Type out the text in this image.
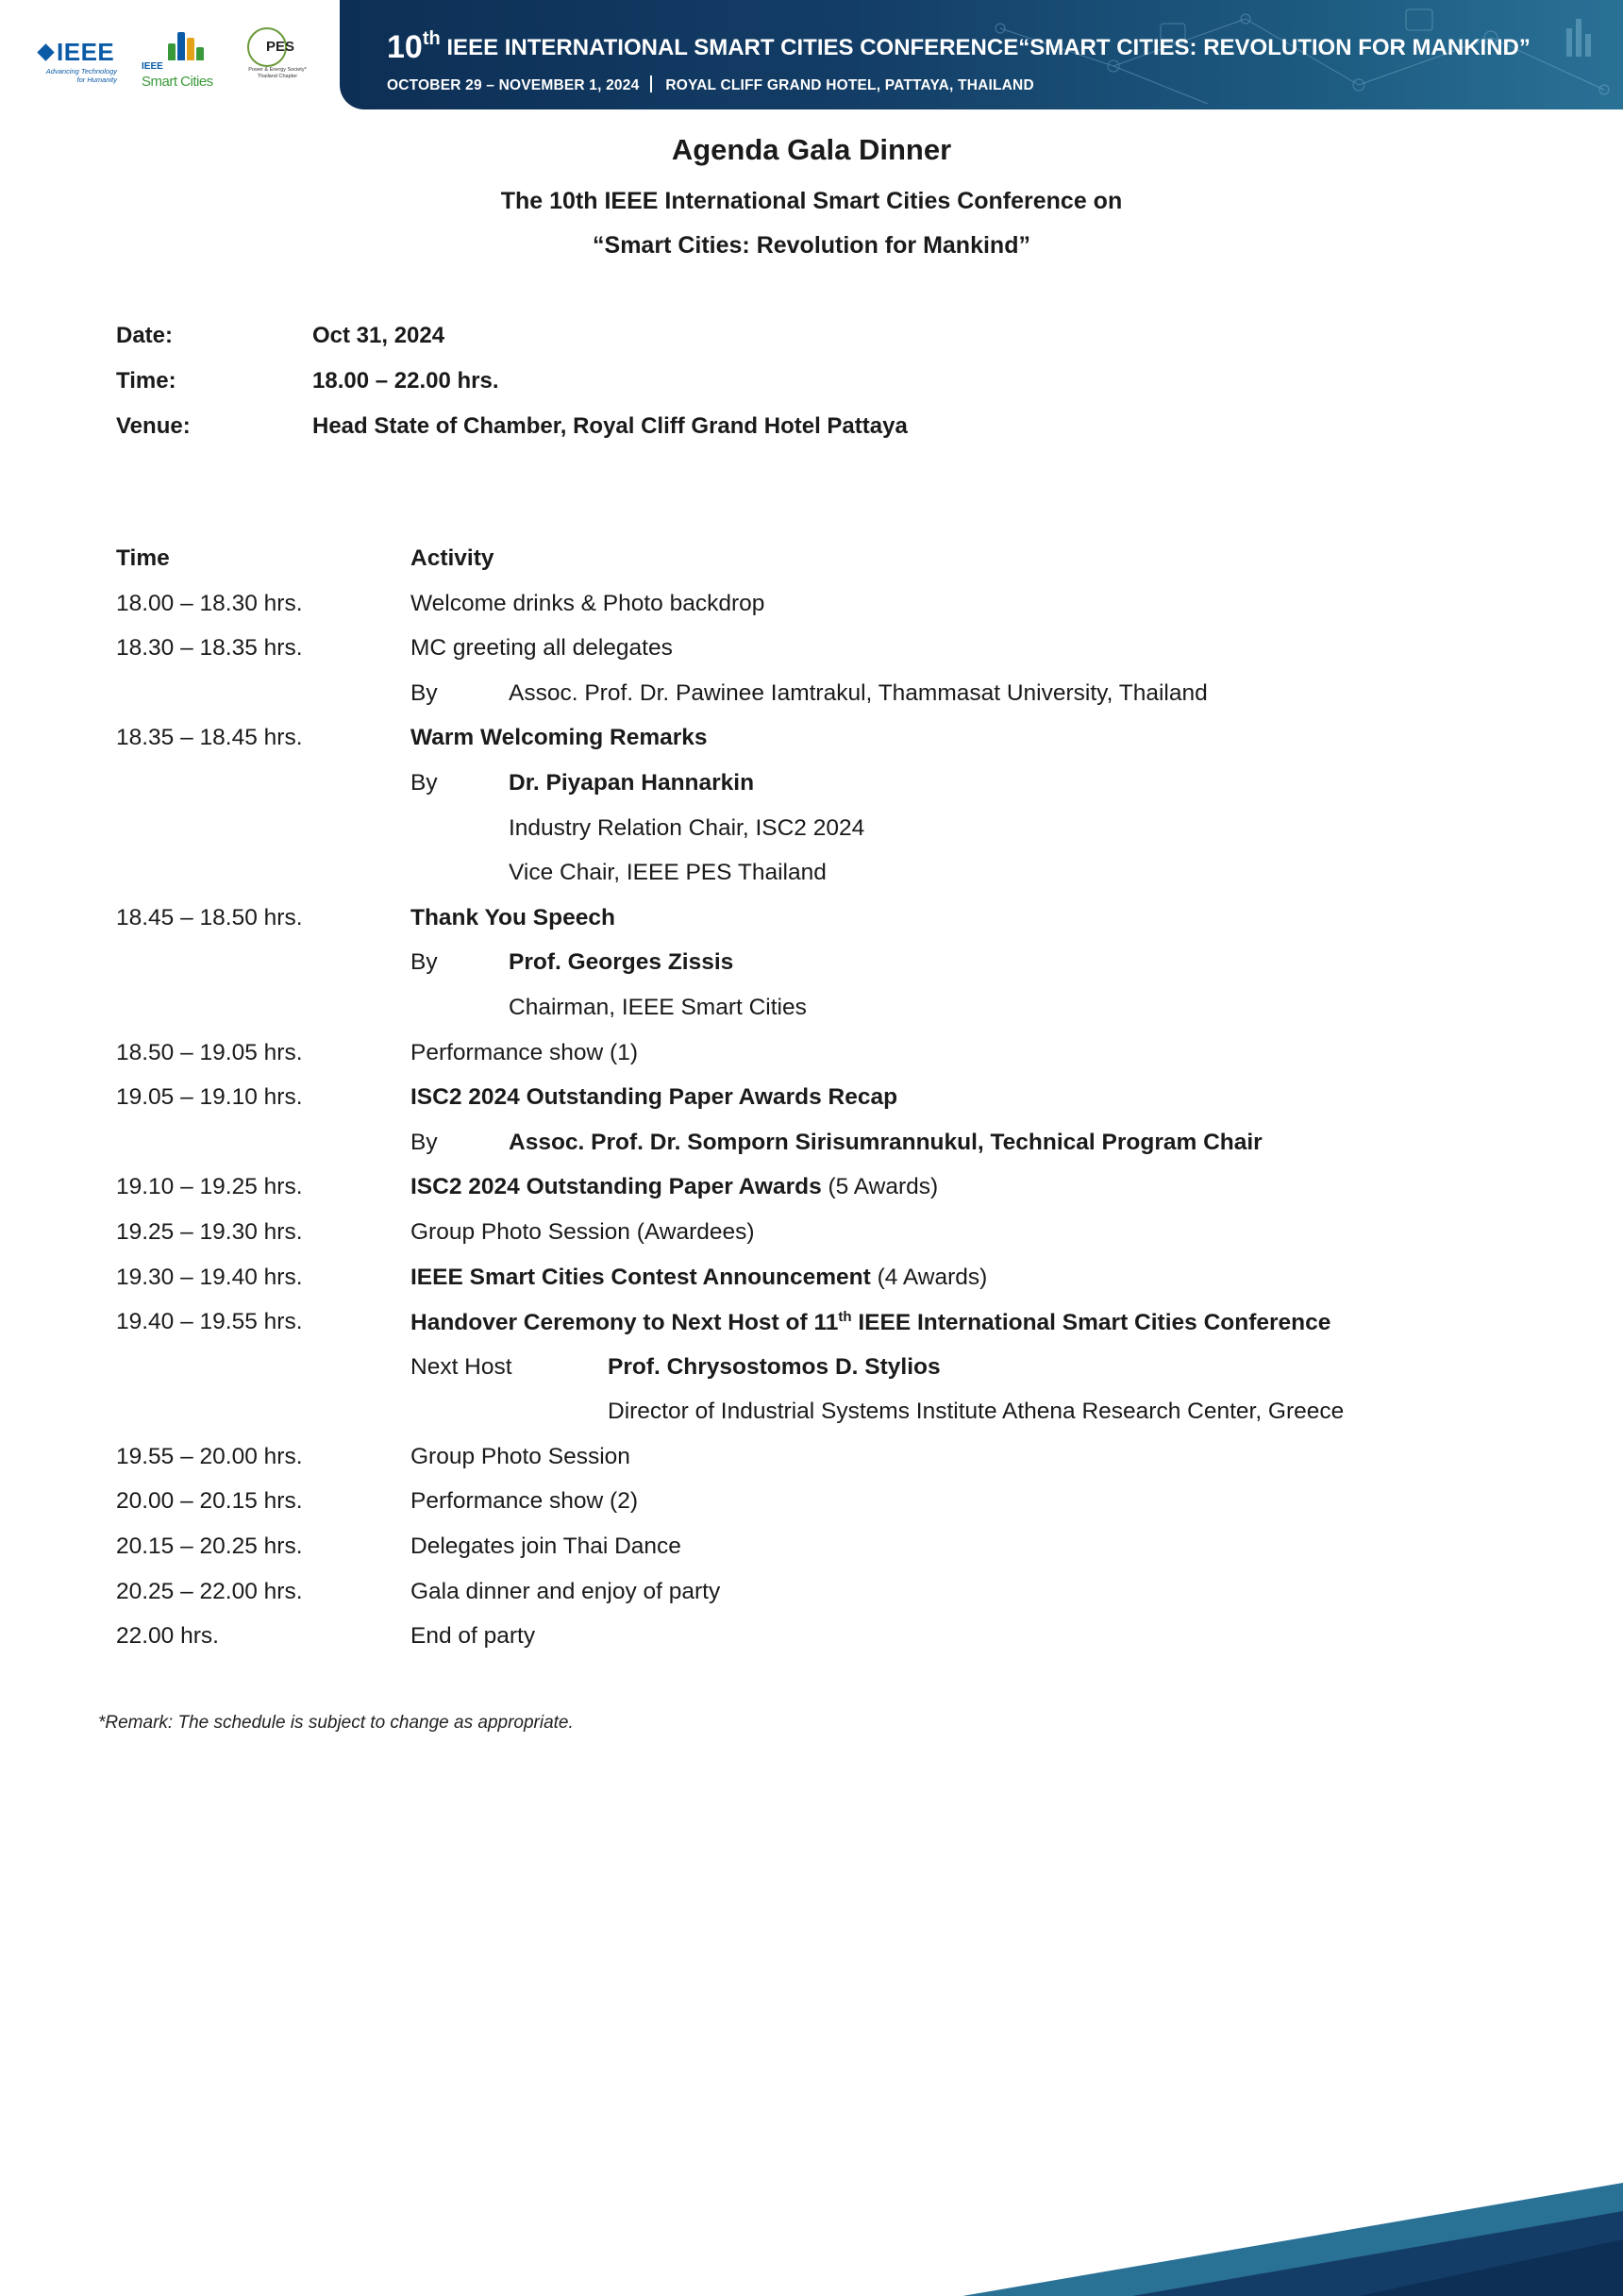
IEEE
Advancing Technology
for Humanity
IEEE
Smart Cities
PES
Power & Energy Society*
Thailand Chapter
10th IEEE INTERNATIONAL SMART CITIES CONFERENCE“SMART CITIES: REVOLUTION FOR MANKIND”
OCTOBER 29 – NOVEMBER 1, 2024 ROYAL CLIFF GRAND HOTEL, PATTAYA, THAILAND
Agenda Gala Dinner
The 10th IEEE International Smart Cities Conference on
“Smart Cities: Revolution for Mankind”
Date:	Oct 31, 2024
Time:	18.00 – 22.00 hrs.
Venue:	Head State of Chamber, Royal Cliff Grand Hotel Pattaya
Time	Activity
18.00 – 18.30 hrs.	Welcome drinks & Photo backdrop
18.30 – 18.35 hrs.	MC greeting all delegates
By	Assoc. Prof. Dr. Pawinee Iamtrakul, Thammasat University, Thailand
18.35 – 18.45 hrs.	Warm Welcoming Remarks
By	Dr. Piyapan Hannarkin
Industry Relation Chair, ISC2 2024
Vice Chair, IEEE PES Thailand
18.45 – 18.50 hrs.	Thank You Speech
By	Prof. Georges Zissis
Chairman, IEEE Smart Cities
18.50 – 19.05 hrs.	Performance show (1)
19.05 – 19.10 hrs.	ISC2 2024 Outstanding Paper Awards Recap
By	Assoc. Prof. Dr. Somporn Sirisumrannukul, Technical Program Chair
19.10 – 19.25 hrs.	ISC2 2024 Outstanding Paper Awards (5 Awards)
19.25 – 19.30 hrs.	Group Photo Session (Awardees)
19.30 – 19.40 hrs.	IEEE Smart Cities Contest Announcement (4 Awards)
19.40 – 19.55 hrs.	Handover Ceremony to Next Host of 11th IEEE International Smart Cities Conference
Next Host	Prof. Chrysostomos D. Stylios
Director of Industrial Systems Institute Athena Research Center, Greece
19.55 – 20.00 hrs.	Group Photo Session
20.00 – 20.15 hrs.	Performance show (2)
20.15 – 20.25 hrs.	Delegates join Thai Dance
20.25 – 22.00 hrs.	Gala dinner and enjoy of party
22.00 hrs.	End of party
*Remark: The schedule is subject to change as appropriate.
